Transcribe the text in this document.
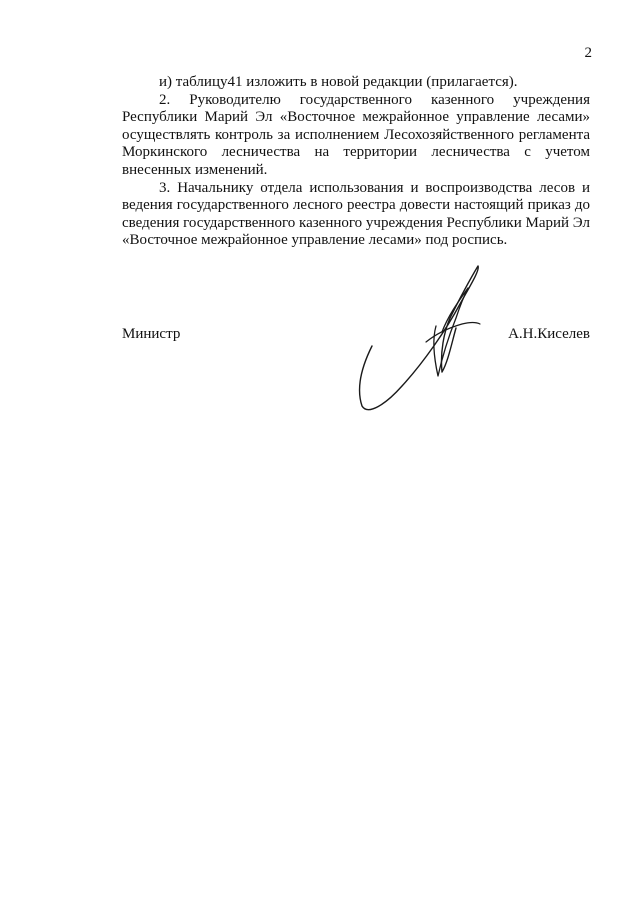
2

и) таблицу41 изложить в новой редакции (прилагается).

2. Руководителю государственного казенного учреждения Республики Марий Эл «Восточное межрайонное управление лесами» осуществлять контроль за исполнением Лесохозяйственного регламента Моркинского лесничества на территории лесничества с учетом внесенных изменений.

3. Начальнику отдела использования и воспроизводства лесов и ведения государственного лесного реестра довести настоящий приказ до сведения государственного казенного учреждения Республики Марий Эл «Восточное межрайонное управление лесами» под роспись.

Министр	А.Н.Киселев
